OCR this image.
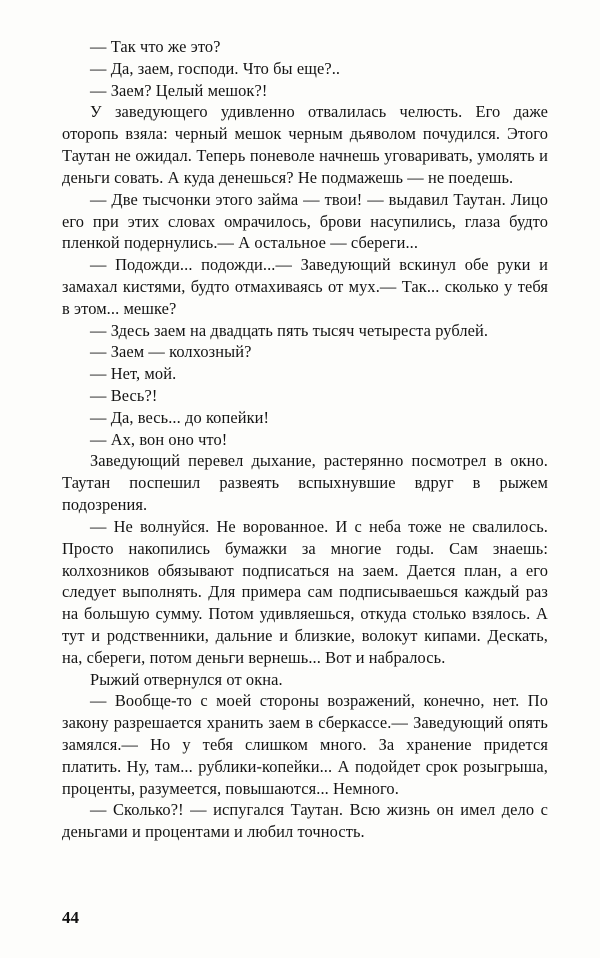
— Так что же это?

— Да, заем, господи. Что бы еще?..

— Заем? Целый мешок?!

У заведующего удивленно отвалилась челюсть. Его даже оторопь взяла: черный мешок черным дьяволом почудился. Этого Таутан не ожидал. Теперь поневоле начнешь уговаривать, умолять и деньги совать. А куда денешься? Не подмажешь — не поедешь.

— Две тысчонки этого займа — твои! — выдавил Таутан. Лицо его при этих словах омрачилось, брови насупились, глаза будто пленкой подернулись.— А остальное — сбереги...

— Подожди... подожди...— Заведующий вскинул обе руки и замахал кистями, будто отмахиваясь от мух.— Так... сколько у тебя в этом... мешке?

— Здесь заем на двадцать пять тысяч четыреста рублей.

— Заем — колхозный?

— Нет, мой.

— Весь?!

— Да, весь... до копейки!

— Ах, вон оно что!

Заведующий перевел дыхание, растерянно посмотрел в окно. Таутан поспешил развеять вспыхнувшие вдруг в рыжем подозрения.

— Не волнуйся. Не ворованное. И с неба тоже не свалилось. Просто накопились бумажки за многие годы. Сам знаешь: колхозников обязывают подписаться на заем. Дается план, а его следует выполнять. Для примера сам подписываешься каждый раз на большую сумму. Потом удивляешься, откуда столько взялось. А тут и родственники, дальние и близкие, волокут кипами. Дескать, на, сбереги, потом деньги вернешь... Вот и набралось.

Рыжий отвернулся от окна.

— Вообще-то с моей стороны возражений, конечно, нет. По закону разрешается хранить заем в сберкассе.— Заведующий опять замялся.— Но у тебя слишком много. За хранение придется платить. Ну, там... рублики-копейки... А подойдет срок розыгрыша, проценты, разумеется, повышаются... Немного.

— Сколько?! — испугался Таутан. Всю жизнь он имел дело с деньгами и процентами и любил точность.

44
